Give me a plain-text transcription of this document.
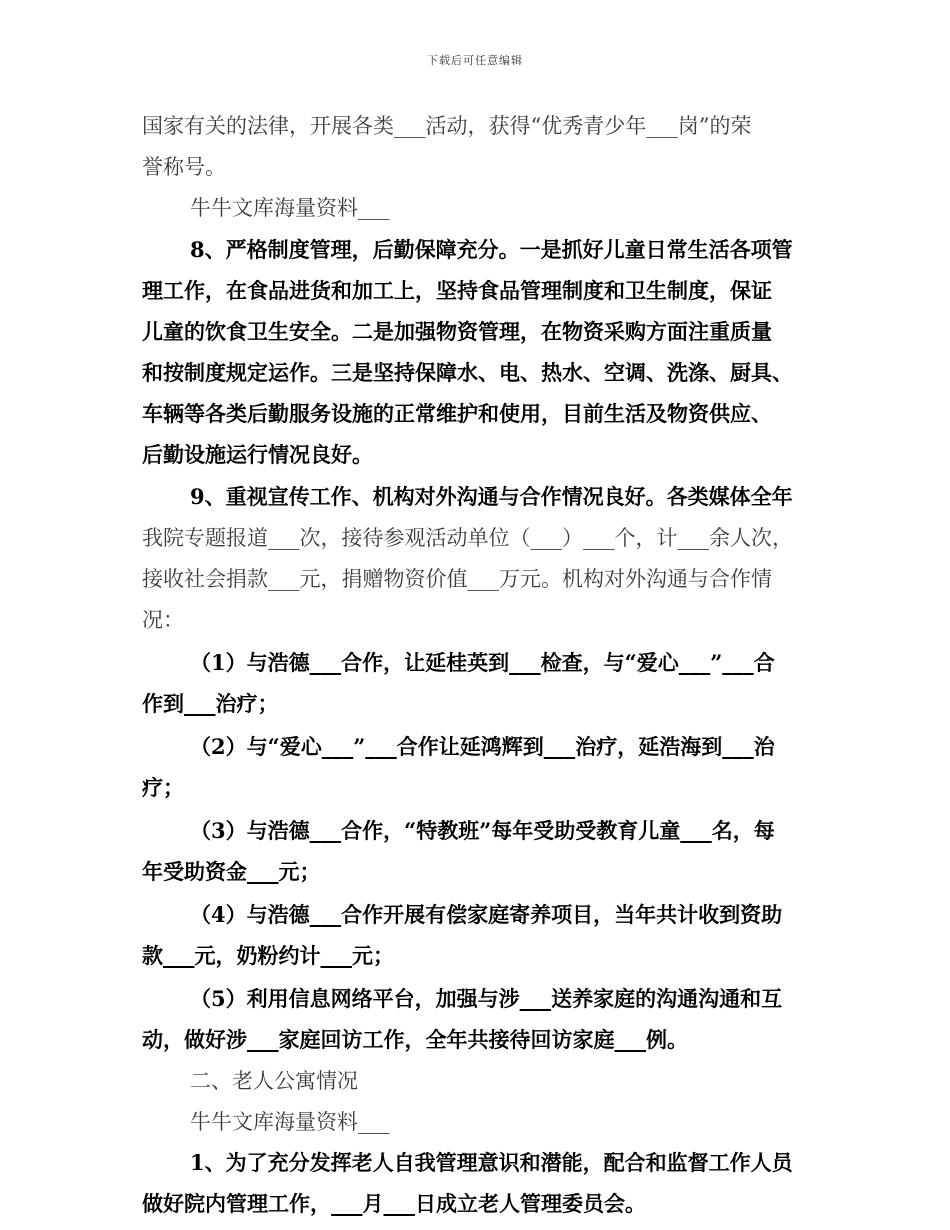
下载后可任意编辑
国家有关的法律，开展各类___活动，获得“优秀青少年___岗”的荣
誉称号。
牛牛文库海量资料___
8、严格制度管理，后勤保障充分。一是抓好儿童日常生活各项管
理工作，在食品进货和加工上，坚持食品管理制度和卫生制度，保证
儿童的饮食卫生安全。二是加强物资管理，在物资采购方面注重质量
和按制度规定运作。三是坚持保障水、电、热水、空调、洗涤、厨具、
车辆等各类后勤服务设施的正常维护和使用，目前生活及物资供应、
后勤设施运行情况良好。
9、重视宣传工作、机构对外沟通与合作情况良好。各类媒体全年
我院专题报道___次，接待参观活动单位（___）___个，计___余人次，
接收社会捐款___元，捐赠物资价值___万元。机构对外沟通与合作情
况：
（1）与浩德___合作，让延桂英到___检查，与“爱心___”___合
作到___治疗；
（2）与“爱心___”___合作让延鸿辉到___治疗，延浩海到___治
疗；
（3）与浩德___合作，“特教班”每年受助受教育儿童___名，每
年受助资金___元；
（4）与浩德___合作开展有偿家庭寄养项目，当年共计收到资助
款___元，奶粉约计___元；
（5）利用信息网络平台，加强与涉___送养家庭的沟通沟通和互
动，做好涉___家庭回访工作，全年共接待回访家庭___例。
二、老人公寓情况
牛牛文库海量资料___
1、为了充分发挥老人自我管理意识和潜能，配合和监督工作人员
做好院内管理工作，___月___日成立老人管理委员会。
